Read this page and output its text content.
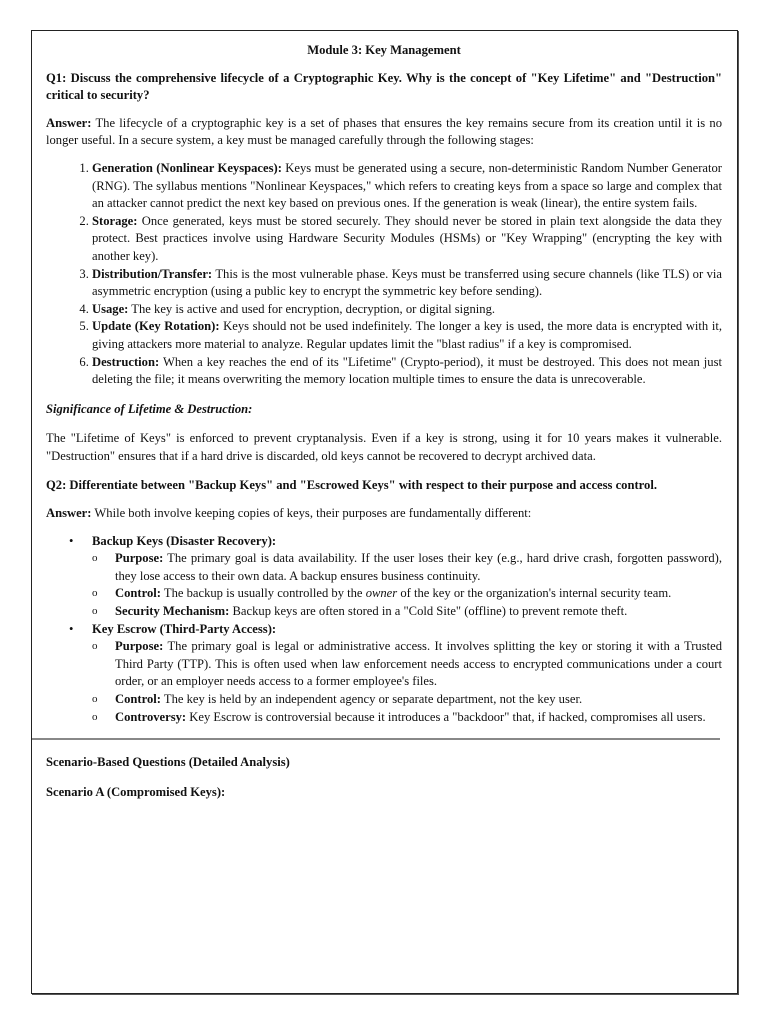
Module 3: Key Management
Q1: Discuss the comprehensive lifecycle of a Cryptographic Key. Why is the concept of "Key Lifetime" and "Destruction" critical to security?

Answer: The lifecycle of a cryptographic key is a set of phases that ensures the key remains secure from its creation until it is no longer useful. In a secure system, a key must be managed carefully through the following stages:

1. Generation (Nonlinear Keyspaces): Keys must be generated using a secure, non-deterministic Random Number Generator (RNG). The syllabus mentions "Nonlinear Keyspaces," which refers to creating keys from a space so large and complex that an attacker cannot predict the next key based on previous ones. If the generation is weak (linear), the entire system fails.
2. Storage: Once generated, keys must be stored securely. They should never be stored in plain text alongside the data they protect. Best practices involve using Hardware Security Modules (HSMs) or "Key Wrapping" (encrypting the key with another key).
3. Distribution/Transfer: This is the most vulnerable phase. Keys must be transferred using secure channels (like TLS) or via asymmetric encryption (using a public key to encrypt the symmetric key before sending).
4. Usage: The key is active and used for encryption, decryption, or digital signing.
5. Update (Key Rotation): Keys should not be used indefinitely. The longer a key is used, the more data is encrypted with it, giving attackers more material to analyze. Regular updates limit the "blast radius" if a key is compromised.
6. Destruction: When a key reaches the end of its "Lifetime" (Crypto-period), it must be destroyed. This does not mean just deleting the file; it means overwriting the memory location multiple times to ensure the data is unrecoverable.
Significance of Lifetime & Destruction:

The "Lifetime of Keys" is enforced to prevent cryptanalysis. Even if a key is strong, using it for 10 years makes it vulnerable. "Destruction" ensures that if a hard drive is discarded, old keys cannot be recovered to decrypt archived data.

Q2: Differentiate between "Backup Keys" and "Escrowed Keys" with respect to their purpose and access control.

Answer: While both involve keeping copies of keys, their purposes are fundamentally different:

• Backup Keys (Disaster Recovery):
o Purpose: The primary goal is data availability. If the user loses their key (e.g., hard drive crash, forgotten password), they lose access to their own data. A backup ensures business continuity.
o Control: The backup is usually controlled by the owner of the key or the organization's internal security team.
o Security Mechanism: Backup keys are often stored in a "Cold Site" (offline) to prevent remote theft.
• Key Escrow (Third-Party Access):
o Purpose: The primary goal is legal or administrative access. It involves splitting the key or storing it with a Trusted Third Party (TTP). This is often used when law enforcement needs access to encrypted communications under a court order, or an employer needs access to a former employee's files.
o Control: The key is held by an independent agency or separate department, not the key user.
o Controversy: Key Escrow is controversial because it introduces a "backdoor" that, if hacked, compromises all users.
Scenario-Based Questions (Detailed Analysis)
Scenario A (Compromised Keys):
